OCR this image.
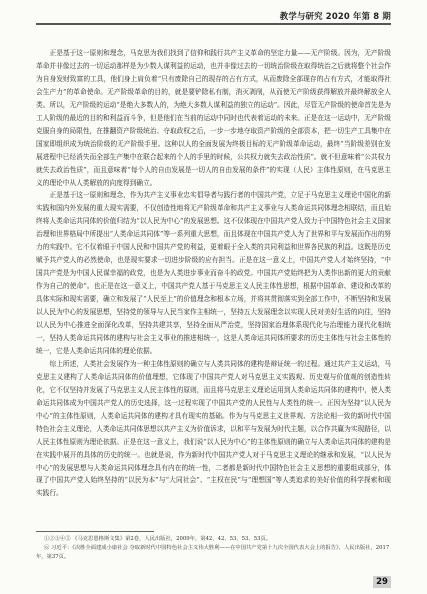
教学与研究 2020 年第 8 期

正是基于这一原则和理念，马克思为我们找到了信仰和践行共产主义革命的坚定力量——无产阶级。因为，无产阶级革命并非像过去的一切运动那样是为少数人谋利益的运动，也并非像过去的一切统治阶级在取得统治之后就将整个社会作为自身发财致富的工具，他们身上肩负着“只有废除自己的现存的占有方式，从而废除全部现存的占有方式，才能取得社会生产力”的革命使命。无产阶级革命的目的，就是要铲除私有制，消灭剥削，从而使无产阶级获得解放并最终解放全人类。所以，无产阶级的运动“是绝大多数人的，为绝大多数人谋利益的独立的运动”。因此，尽管无产阶级的使命首先是为工人阶级的最近的目的和利益而斗争，但是他们在当前的运动中同时也代表着运动的未来。正是在这一运动中，无产阶级克服自身的局限性，在推翻资产阶级统治、夺取政权之后，一步一步地夺取资产阶级的全部资本，把一切生产工具集中在国家即组织成为统治阶级的无产阶级手里。这种以人的全面发展为终极目标的无产阶级革命运动，最终“当阶级差别在发展进程中已经消失而全部生产集中在联合起来的个人的手里的时候，公共权力就失去政治性质”。就不但意味着“公共权力就失去政治性质”，而且意味着“每个人的自由发展是一切人的自由发展的条件”的实现（人民）主体性原则，在马克思主义的理论中从人类解放的向度得到确立。

正是基于这一原则和理念，作为共产主义事业忠实倡导者与践行者的中国共产党，立足于马克思主义理论中国化的新实践和国内外发展的重大现实需要，不仅创造性地将无产阶级革命和共产主义事业与人类命运共同体理念相联结，而且始终将人类命运共同体的价值归结为“以人民为中心”的发展思想。这不仅体现在中国共产党人致力于中国特色社会主义国家治理和世界格局中所提出“人类命运共同体”等一系列重大思想，而且体现在中国共产党人为了世界和平与发展而作出的努力的实践中。它不仅着眼于中国人民和中国共产党的利益，更着眼于全人类的共同利益和世界各民族的利益。这既是历史赋予共产党人的必然使命，也是现实要求一切进步阶级的应有担当。正是在这一意义上，中国共产党人才始终坚持，“中国共产党是为中国人民谋幸福的政党，也是为人类进步事业而奋斗的政党。中国共产党始终把为人类作出新的更大的贡献作为自己的使命”。也正是在这一意义上，中国共产党人基于马克思主义人民主体性思想，根据中国革命、建设和改革的具体实际和现实需要，确立和发展了“人民至上”的价值理念和根本立场，并将其贯彻落实到全部工作中，不断坚持和发展以人民为中心的发展思想，坚持党的领导与人民当家作主相统一，坚持五大发展理念以实现人民对美好生活的向往，坚持以人民为中心推进全面深化改革，坚持共建共享，坚持全面从严治党，坚持国家治理体系现代化与治理能力现代化相统一，坚持人类命运共同体的建构与社会主义事业的推进相统一，这是人类命运共同体所要求的历史主体性与社会主体性的统一，它是人类命运共同体的理论依据。

综上所述，人类社会发展作为一种主体性原则的确立与人类共同体的建构是辩证统一的过程。通过共产主义运动，马克思主义建构了人类命运共同体的价值理想，它体现了中国共产党人对马克思主义实践观、历史观与价值观的创造性转化，它不仅坚持并发展了马克思主义人民主体性的原则，而且将马克思主义理论运用到人类命运共同体的建构中，使人类命运共同体成为中国共产党人的历史选择，这一过程实现了中国共产党的人民性与人类性的统一。正因为坚持“以人民为中心”的主体性原则，人类命运共同体的建构才具有现实的基础。作为与马克思主义世界观、方法论相一致的新时代中国特色社会主义理论，人类命运共同体思想以共产主义为价值诉求，以和平与发展为时代主题，以合作共赢为实现路径，以人民主体性原则为理论依据。正是在这一意义上，我们说“以人民为中心”的主体性原则的确立与人类命运共同体的建构是在实践中展开的具体的历史的统一。也就是说，作为新时代中国共产党人对于马克思主义理论的继承和发展，“以人民为中心”的发展思想与人类命运共同体理念具有内在的统一性，二者都是新时代中国特色社会主义思想的重要组成部分，体现了中国共产党人始终坚持的“以民为本”与“大同社会”、“主权在民”与“理想国”等人类追求的美好价值的科学探索和现实践行。

①②③④⑤ 《马克思恩格斯文集》第2卷，人民出版社，2009年，第42、42、53、53、53页。

⑥ 习近平：《决胜全面建成小康社会 夺取新时代中国特色社会主义伟大胜利——在中国共产党第十九次全国代表大会上的报告》，人民出版社，2017年，第37页。

29
